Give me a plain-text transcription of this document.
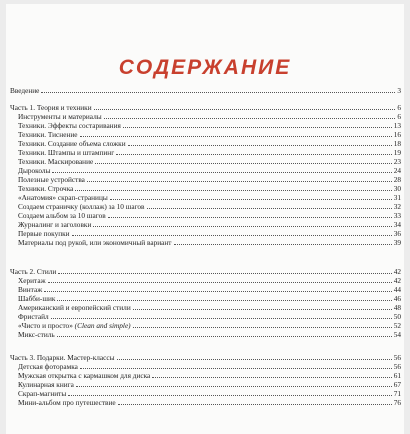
СОДЕРЖАНИЕ
Введение	3
Часть 1. Теория и техники	6
Инструменты и материалы	6
Техники. Эффекты состаривания	13
Техники. Тиснение	16
Техники. Создание объема сложки	18
Техники. Штампы и штампинг	19
Техники. Маскирование	23
Дыроколы	24
Полезные устройства	28
Техники. Строчка	30
«Анатомия» скрап-страницы	31
Создаем страничку (коллаж) за 10 шагов	32
Создаем альбом за 10 шагов	33
Журналинг и заголовки	34
Первые покупки	36
Материалы под рукой, или экономичный вариант	39
Часть 2. Стили	42
Херитаж	42
Винтаж	44
Шабби-шик	46
Американский и европейский стили	48
Фристайл	50
«Чисто и просто» (Clean and simple)	52
Микс-стиль	54
Часть 3. Подарки. Мастер-классы	56
Детская фоторамка	56
Мужская открытка с кармашком для диска	61
Кулинарная книга	67
Скрап-магниты	71
Мини-альбом про путешествие	76
